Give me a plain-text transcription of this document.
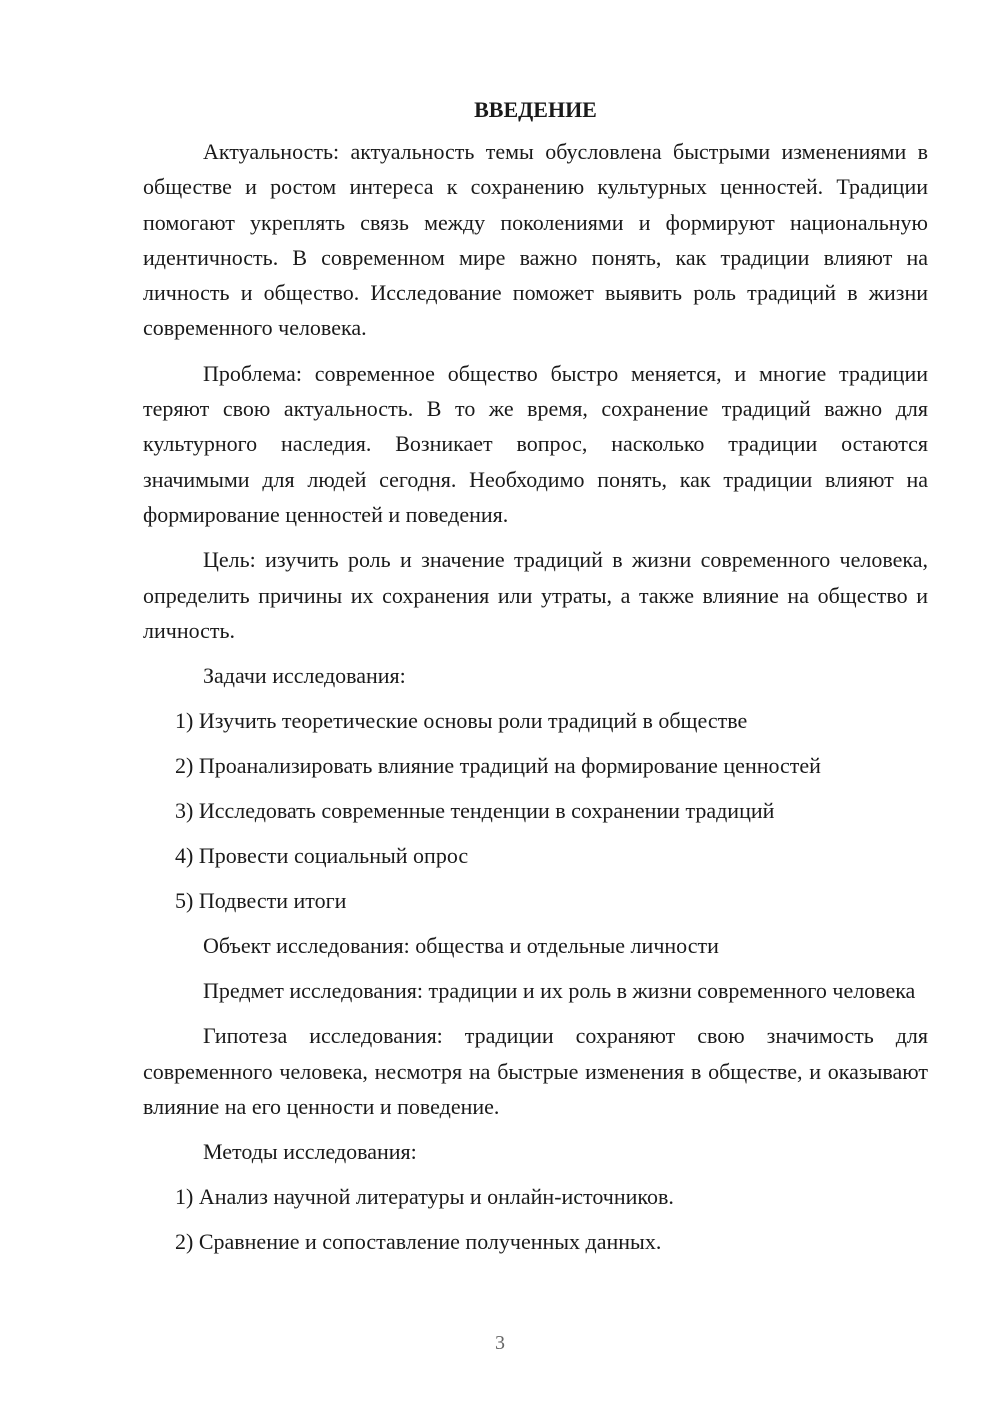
ВВЕДЕНИЕ

Актуальность: актуальность темы обусловлена быстрыми изменениями в обществе и ростом интереса к сохранению культурных ценностей. Традиции помогают укреплять связь между поколениями и формируют национальную идентичность. В современном мире важно понять, как традиции влияют на личность и общество. Исследование поможет выявить роль традиций в жизни современного человека.

Проблема: современное общество быстро меняется, и многие традиции теряют свою актуальность. В то же время, сохранение традиций важно для культурного наследия. Возникает вопрос, насколько традиции остаются значимыми для людей сегодня. Необходимо понять, как традиции влияют на формирование ценностей и поведения.

Цель: изучить роль и значение традиций в жизни современного человека, определить причины их сохранения или утраты, а также влияние на общество и личность.

Задачи исследования:
1) Изучить теоретические основы роли традиций в обществе
2) Проанализировать влияние традиций на формирование ценностей
3) Исследовать современные тенденции в сохранении традиций
4) Провести социальный опрос
5) Подвести итоги
Объект исследования: общества и отдельные личности

Предмет исследования: традиции и их роль в жизни современного человека

Гипотеза исследования: традиции сохраняют свою значимость для современного человека, несмотря на быстрые изменения в обществе, и оказывают влияние на его ценности и поведение.

Методы исследования:
1) Анализ научной литературы и онлайн-источников.
2) Сравнение и сопоставление полученных данных.
3
